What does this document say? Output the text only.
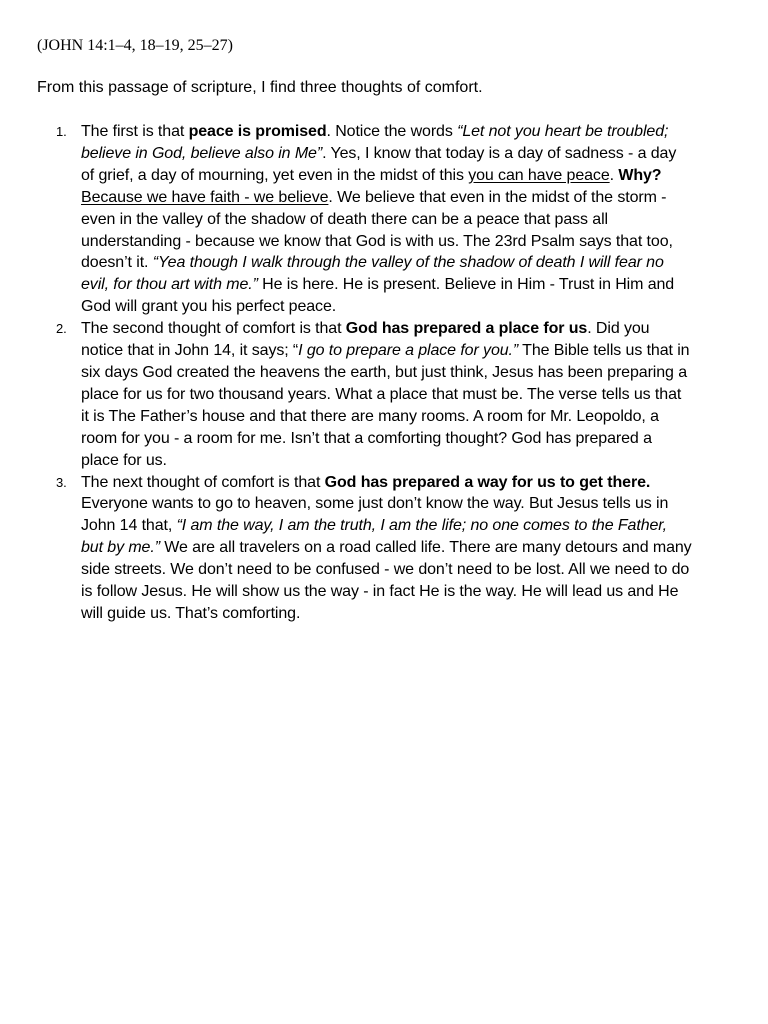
(JOHN 14:1–4, 18–19, 25–27)

From this passage of scripture, I find three thoughts of comfort.

1. The first is that peace is promised. Notice the words “Let not you heart be troubled; believe in God, believe also in Me”. Yes, I know that today is a day of sadness - a day of grief, a day of mourning, yet even in the midst of this you can have peace. Why? Because we have faith - we believe. We believe that even in the midst of the storm - even in the valley of the shadow of death there can be a peace that pass all understanding - because we know that God is with us. The 23rd Psalm says that too, doesn’t it. “Yea though I walk through the valley of the shadow of death I will fear no evil, for thou art with me.” He is here. He is present. Believe in Him - Trust in Him and God will grant you his perfect peace.

2. The second thought of comfort is that God has prepared a place for us. Did you notice that in John 14, it says; “I go to prepare a place for you.” The Bible tells us that in six days God created the heavens the earth, but just think, Jesus has been preparing a place for us for two thousand years. What a place that must be. The verse tells us that it is The Father’s house and that there are many rooms. A room for Mr. Leopoldo, a room for you - a room for me. Isn’t that a comforting thought? God has prepared a place for us.

3. The next thought of comfort is that God has prepared a way for us to get there. Everyone wants to go to heaven, some just don’t know the way. But Jesus tells us in John 14 that, “I am the way, I am the truth, I am the life; no one comes to the Father, but by me.” We are all travelers on a road called life. There are many detours and many side streets. We don’t need to be confused - we don’t need to be lost. All we need to do is follow Jesus. He will show us the way - in fact He is the way. He will lead us and He will guide us. That’s comforting.
